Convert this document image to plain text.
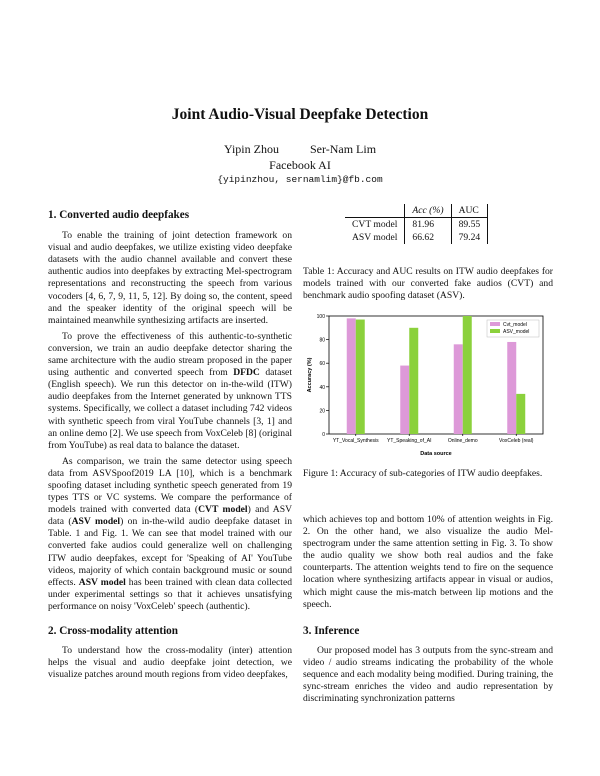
Joint Audio-Visual Deepfake Detection
Yipin Zhou	Ser-Nam Lim
Facebook AI
{yipinzhou, sernamlim}@fb.com
1. Converted audio deepfakes

To enable the training of joint detection framework on visual and audio deepfakes, we utilize existing video deepfake datasets with the audio channel available and convert these authentic audios into deepfakes by extracting Mel-spectrogram representations and reconstructing the speech from various vocoders [4, 6, 7, 9, 11, 5, 12]. By doing so, the content, speed and the speaker identity of the original speech will be maintained meanwhile synthesizing artifacts are inserted.

To prove the effectiveness of this authentic-to-synthetic conversion, we train an audio deepfake detector sharing the same architecture with the audio stream proposed in the paper using authentic and converted speech from DFDC dataset (English speech). We run this detector on in-the-wild (ITW) audio deepfakes from the Internet generated by unknown TTS systems. Specifically, we collect a dataset including 742 videos with synthetic speech from viral YouTube channels [3, 1] and an online demo [2]. We use speech from VoxCeleb [8] (original from YouTube) as real data to balance the dataset.

As comparison, we train the same detector using speech data from ASVSpoof2019 LA [10], which is a benchmark spoofing dataset including synthetic speech generated from 19 types TTS or VC systems. We compare the performance of models trained with converted data (CVT model) and ASV data (ASV model) on in-the-wild audio deepfake dataset in Table. 1 and Fig. 1. We can see that model trained with our converted fake audios could generalize well on challenging ITW audio deepfakes, except for 'Speaking of AI' YouTube videos, majority of which contain background music or sound effects. ASV model has been trained with clean data collected under experimental settings so that it achieves unsatisfying performance on noisy 'VoxCeleb' speech (authentic).

2. Cross-modality attention

To understand how the cross-modality (inter) attention helps the visual and audio deepfake joint detection, we visualize patches around mouth regions from video deepfakes,

	Acc (%)	AUC
CVT model	81.96	89.55
ASV model	66.62	79.24
Table 1: Accuracy and AUC results on ITW audio deepfakes for models trained with our converted fake audios (CVT) and benchmark audio spoofing dataset (ASV).
0
20
40
60
80
100
YT_Vocal_Synthesis YT_Speaking_of_AI	Online_demo	VoxCeleb (real)
Data source
Accuracy (%)
Cvt_model
ASV_model
Figure 1: Accuracy of sub-categories of ITW audio deepfakes.

which achieves top and bottom 10% of attention weights in Fig. 2. On the other hand, we also visualize the audio Mel-spectrogram under the same attention setting in Fig. 3. To show the audio quality we show both real audios and the fake counterparts. The attention weights tend to fire on the sequence location where synthesizing artifacts appear in visual or audios, which might cause the mis-match between lip motions and the speech.

3. Inference

Our proposed model has 3 outputs from the sync-stream and video / audio streams indicating the probability of the whole sequence and each modality being modified. During training, the sync-stream enriches the video and audio representation by discriminating synchronization patterns
